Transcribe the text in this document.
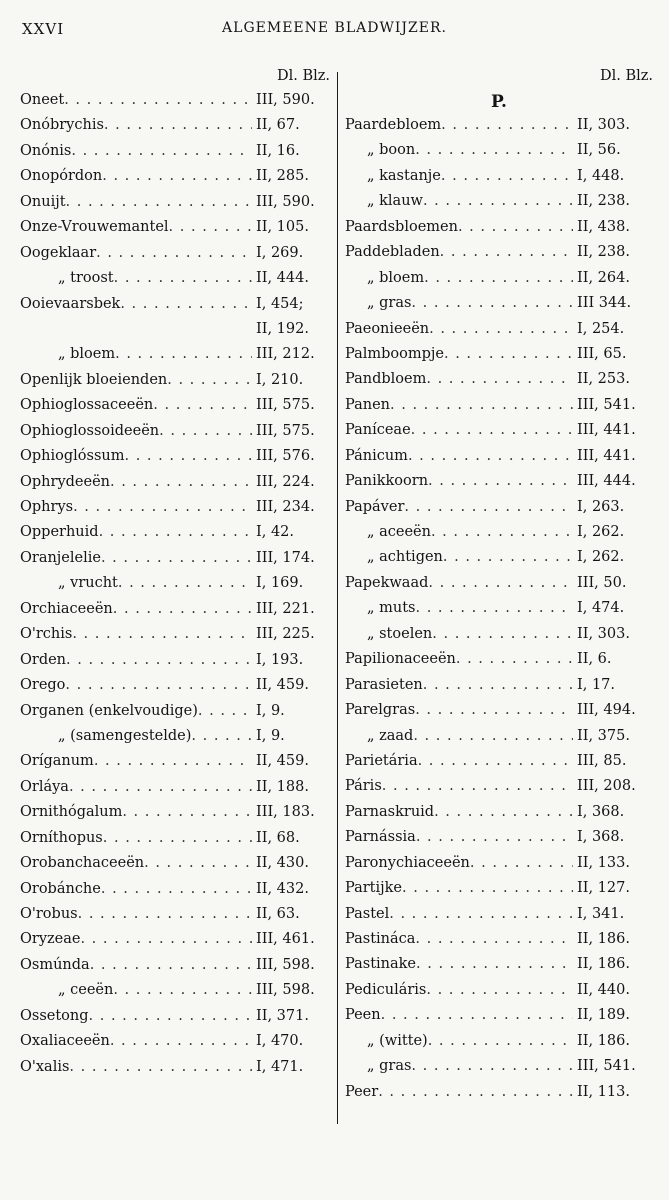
XXVI	ALGEMEENE BLADWIJZER.
Dl. Blz.
Oneet . . .	III, 590.
Onóbrychis . . .	II, 67.
Onónis . . .	II, 16.
Onopórdon . . .	II, 285.
Onuijt . . .	III, 590.
Onze-Vrouwemantel . . .	II, 105.
Oogeklaar . . .	I, 269.
„ troost . . .	II, 444.
Ooievaarsbek . . .	I, 454;
II, 192.
„ bloem . . .	III, 212.
Openlijk bloeienden . . .	I, 210.
Ophioglossaceeën . . .	III, 575.
Ophioglossoideeën . . .	III, 575.
Ophioglóssum . . .	III, 576.
Ophrydeeën . . .	III, 224.
Ophrys . . .	III, 234.
Opperhuid . . .	I, 42.
Oranjelelie . . .	III, 174.
„ vrucht . . .	I, 169.
Orchiaceeën . . .	III, 221.
O'rchis . . .	III, 225.
Orden . . .	I, 193.
Orego . . .	II, 459.
Organen (enkelvoudige) . . .	I, 9.
„ (samengestelde) . . .	I, 9.
Oríganum . . .	II, 459.
Orláya . . .	II, 188.
Ornithógalum . . .	III, 183.
Orníthopus . . .	II, 68.
Orobanchaceeën . . .	II, 430.
Orobánche . . .	II, 432.
O'robus . . .	II, 63.
Oryzeae . . .	III, 461.
Osmúnda . . .	III, 598.
„ ceeën . . .	III, 598.
Ossetong . . .	II, 371.
Oxaliaceeën . . .	I, 470.
O'xalis . . .	I, 471.
Dl. Blz.
P.
Paardebloem . . .	II, 303.
„ boon . . .	II, 56.
„ kastanje . . .	I, 448.
„ klauw . . .	II, 238.
Paardsbloemen . . .	II, 438.
Paddebladen . . .	II, 238.
„ bloem . . .	II, 264.
„ gras . . .	III 344.
Paeonieeën . . .	I, 254.
Palmboompje . . .	III, 65.
Pandbloem . . .	II, 253.
Panen . . .	III, 541.
Paníceae . . .	III, 441.
Pánicum . . .	III, 441.
Panikkoorn . . .	III, 444.
Papáver . . .	I, 263.
„ aceeën . . .	I, 262.
„ achtigen . . .	I, 262.
Papekwaad . . .	III, 50.
„ muts . . .	I, 474.
„ stoelen . . .	II, 303.
Papilionaceeën . . .	II, 6.
Parasieten . . .	I, 17.
Parelgras . . .	III, 494.
„ zaad . . .	II, 375.
Parietária . . .	III, 85.
Páris . . .	III, 208.
Parnaskruid . . .	I, 368.
Parnássia . . .	I, 368.
Paronychiaceeën . . .	II, 133.
Partijke . . .	II, 127.
Pastel . . .	I, 341.
Pastináca . . .	II, 186.
Pastinake . . .	II, 186.
Pediculáris . . .	II, 440.
Peen . . .	II, 189.
„ (witte) . . .	II, 186.
„ gras . . .	III, 541.
Peer . . .	II, 113.
